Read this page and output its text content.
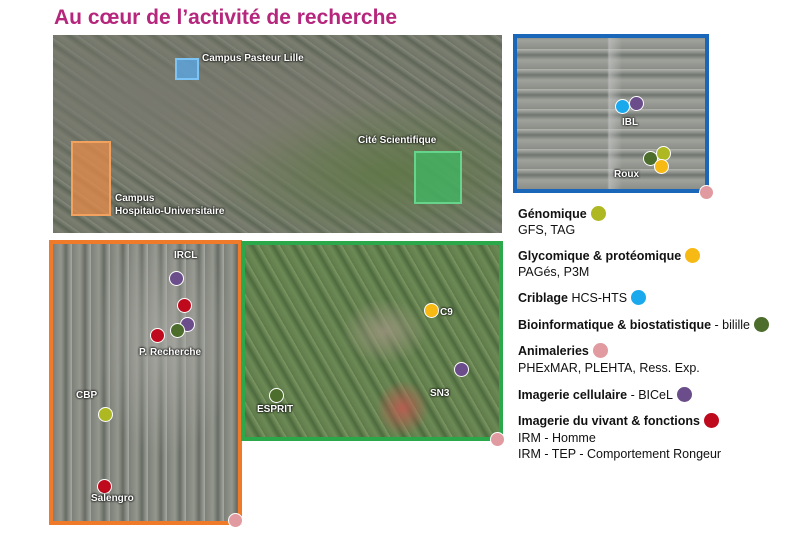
Au cœur de l’activité de recherche
Campus Pasteur Lille
Cité Scientifique
Campus
Hospitalo-Universitaire
IBL
Roux
IRCL
P. Recherche
CBP
Salengro
C9
SN3
ESPRIT
Génomique
GFS, TAG
Glycomique & protéomique
PAGés, P3M
Criblage HCS-HTS
Bioinformatique & biostatistique - bilille
Animaleries
PHExMAR, PLEHTA, Ress. Exp.
Imagerie cellulaire - BICeL
Imagerie du vivant & fonctions
IRM - Homme
IRM - TEP - Comportement Rongeur
